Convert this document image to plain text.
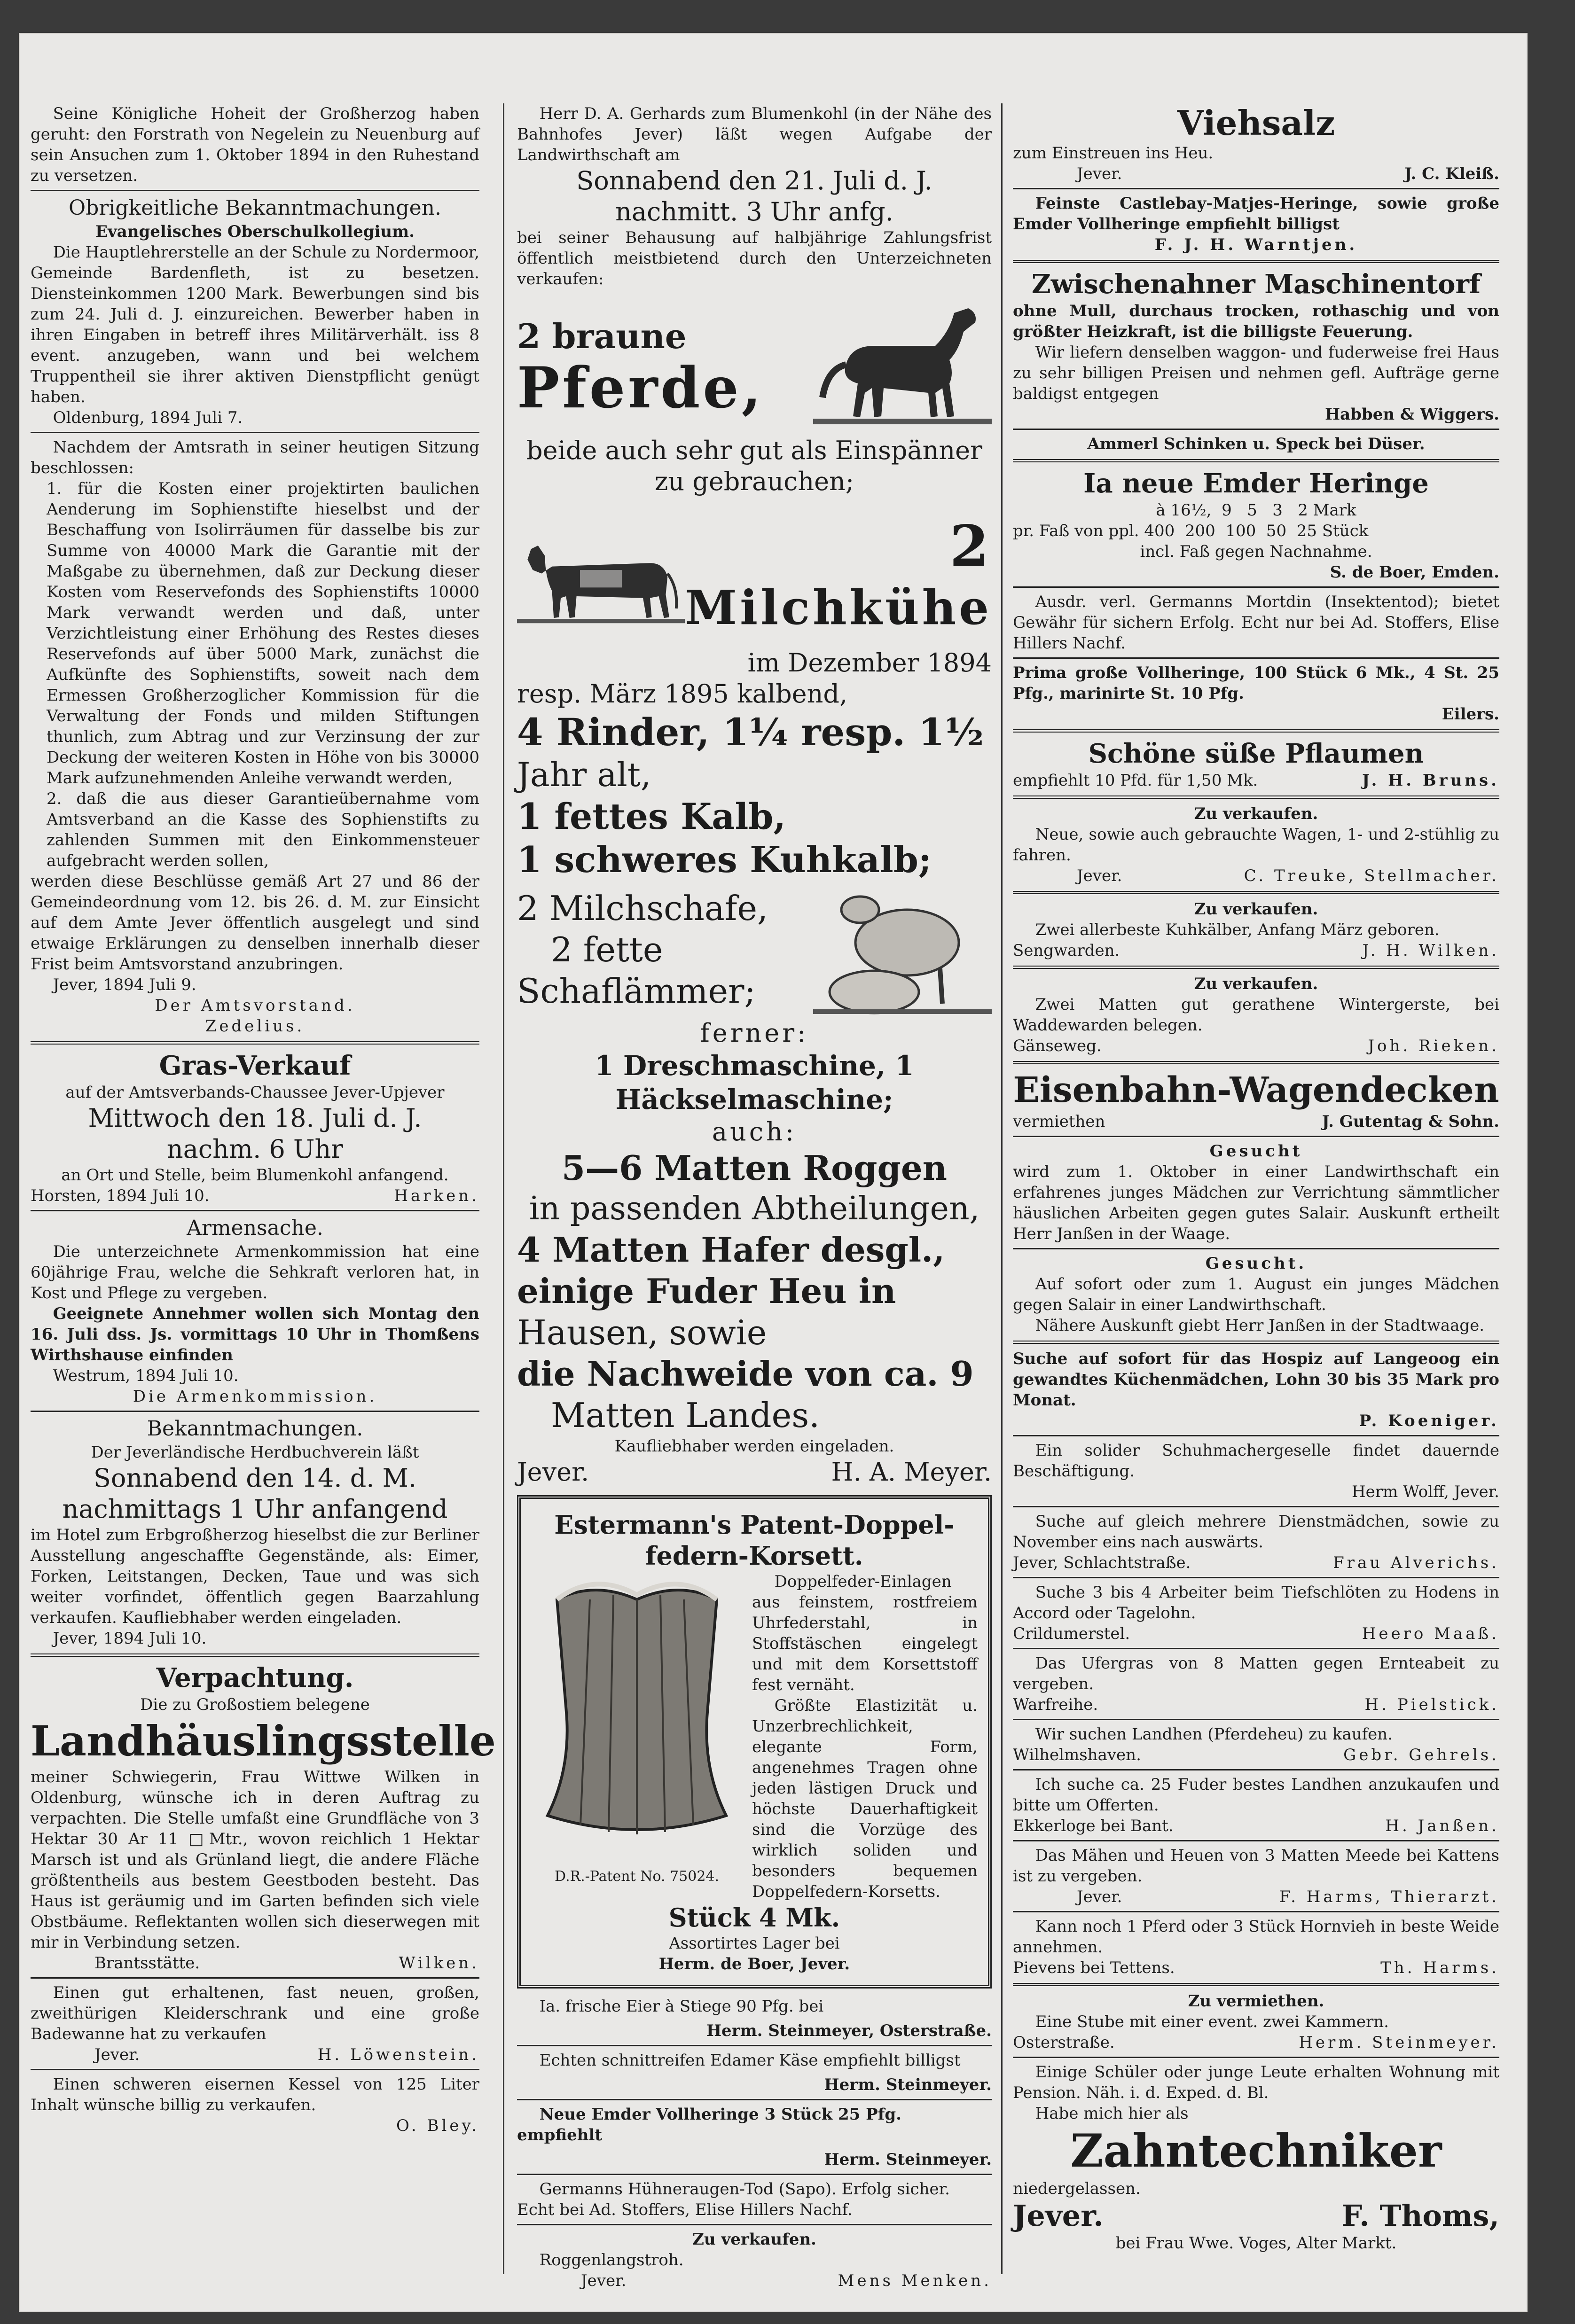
Seine Königliche Hoheit der Großherzog haben geruht: den Forstrath von Negelein zu Neuenburg auf sein Ansuchen zum 1. Oktober 1894 in den Ruhestand zu versetzen.
Obrigkeitliche Bekanntmachungen.
Evangelisches Oberschulkollegium.
Die Hauptlehrerstelle an der Schule zu Nordermoor, Gemeinde Bardenfleth, ist zu besetzen. Diensteinkommen 1200 Mark. Bewerbungen sind bis zum 24. Juli d. J. einzureichen. Bewerber haben in ihren Eingaben in betreff ihres Militärverhält. iss 8 event. anzugeben, wann und bei welchem Truppentheil sie ihrer aktiven Dienstpflicht genügt haben.
Oldenburg, 1894 Juli 7.
Nachdem der Amtsrath in seiner heutigen Sitzung beschlossen:
1. für die Kosten einer projektirten baulichen Aenderung im Sophienstifte hieselbst und der Beschaffung von Isolirräumen für dasselbe bis zur Summe von 40000 Mark die Garantie mit der Maßgabe zu übernehmen, daß zur Deckung dieser Kosten vom Reservefonds des Sophienstifts 10000 Mark verwandt werden und daß, unter Verzichtleistung einer Erhöhung des Restes dieses Reservefonds auf über 5000 Mark, zunächst die Aufkünfte des Sophienstifts, soweit nach dem Ermessen Großherzoglicher Kommission für die Verwaltung der Fonds und milden Stiftungen thunlich, zum Abtrag und zur Verzinsung der zur Deckung der weiteren Kosten in Höhe von bis 30000 Mark aufzunehmenden Anleihe verwandt werden,
2. daß die aus dieser Garantieübernahme vom Amtsverband an die Kasse des Sophienstifts zu zahlenden Summen mit den Einkommensteuer aufgebracht werden sollen,
werden diese Beschlüsse gemäß Art 27 und 86 der Gemeindeordnung vom 12. bis 26. d. M. zur Einsicht auf dem Amte Jever öffentlich ausgelegt und sind etwaige Erklärungen zu denselben innerhalb dieser Frist beim Amtsvorstand anzubringen.
Jever, 1894 Juli 9.
Der Amtsvorstand.
Zedelius.
Gras-Verkauf
auf der Amtsverbands-Chaussee Jever-Upjever
Mittwoch den 18. Juli d. J.
nachm. 6 Uhr
an Ort und Stelle, beim Blumenkohl anfangend.
Horsten, 1894 Juli 10.	Harken.
Armensache.
Die unterzeichnete Armenkommission hat eine 60jährige Frau, welche die Sehkraft verloren hat, in Kost und Pflege zu vergeben.
Geeignete Annehmer wollen sich Montag den 16. Juli dss. Js. vormittags 10 Uhr in Thomßens Wirthshause einfinden
Westrum, 1894 Juli 10.
Die Armenkommission.
Bekanntmachungen.
Der Jeverländische Herdbuchverein läßt
Sonnabend den 14. d. M.
nachmittags 1 Uhr anfangend
im Hotel zum Erbgroßherzog hieselbst die zur Berliner Ausstellung angeschaffte Gegenstände, als: Eimer, Forken, Leitstangen, Decken, Taue und was sich weiter vorfindet, öffentlich gegen Baarzahlung verkaufen. Kaufliebhaber werden eingeladen.
Jever, 1894 Juli 10.
Verpachtung.
Die zu Großostiem belegene
Landhäuslingsstelle
meiner Schwiegerin, Frau Wittwe Wilken in Oldenburg, wünsche ich in deren Auftrag zu verpachten. Die Stelle umfaßt eine Grundfläche von 3 Hektar 30 Ar 11 □Mtr., wovon reichlich 1 Hektar Marsch ist und als Grünland liegt, die andere Fläche größtentheils aus bestem Geestboden besteht. Das Haus ist geräumig und im Garten befinden sich viele Obstbäume. Reflektanten wollen sich dieserwegen mit mir in Verbindung setzen.
Brantsstätte.	Wilken.
Einen gut erhaltenen, fast neuen, großen, zweithürigen Kleiderschrank und eine große Badewanne hat zu verkaufen
Jever.	H. Löwenstein.
Einen schweren eisernen Kessel von 125 Liter Inhalt wünsche billig zu verkaufen.
O. Bley.
Herr D. A. Gerhards zum Blumenkohl (in der Nähe des Bahnhofes Jever) läßt wegen Aufgabe der Landwirthschaft am
Sonnabend den 21. Juli d. J.
nachmitt. 3 Uhr anfg.
bei seiner Behausung auf halbjährige Zahlungsfrist öffentlich meistbietend durch den Unterzeichneten verkaufen:
2 braune
Pferde,
beide auch sehr gut als Einspänner zu gebrauchen;
2
Milchkühe
im Dezember 1894
resp. März 1895 kalbend,
4 Rinder, 1¼ resp. 1½
Jahr alt,
1 fettes Kalb,
1 schweres Kuhkalb;
2 Milchschafe,
2 fette
Schaflämmer;
ferner:
1 Dreschmaschine, 1 Häckselmaschine;
auch:
5—6 Matten Roggen
in passenden Abtheilungen,
4 Matten Hafer desgl.,
einige Fuder Heu in
Hausen, sowie
die Nachweide von ca. 9
Matten Landes.
Kaufliebhaber werden eingeladen.
Jever.	H. A. Meyer.
Estermann's Patent-Doppel-
federn-Korsett.
D.R.-Patent No. 75024.
Doppelfeder-Einlagen aus feinstem, rostfreiem Uhrfederstahl, in Stoffstäschen eingelegt und mit dem Korsettstoff fest vernäht.
Größte Elastizität u. Unzerbrechlichkeit, elegante Form, angenehmes Tragen ohne jeden lästigen Druck und höchste Dauerhaftigkeit sind die Vorzüge des wirklich soliden und besonders bequemen Doppelfedern-Korsetts.
Stück 4 Mk.
Assortirtes Lager bei
Herm. de Boer, Jever.
Ia. frische Eier à Stiege 90 Pfg. bei
Herm. Steinmeyer, Osterstraße.
Echten schnittreifen Edamer Käse empfiehlt billigst
Herm. Steinmeyer.
Neue Emder Vollheringe 3 Stück 25 Pfg. empfiehlt
Herm. Steinmeyer.
Germanns Hühneraugen-Tod (Sapo). Erfolg sicher. Echt bei Ad. Stoffers, Elise Hillers Nachf.
Zu verkaufen.
Roggenlangstroh.
Jever.	Mens Menken.
Viehsalz
zum Einstreuen ins Heu.
Jever.	J. C. Kleiß.
Feinste Castlebay-Matjes-Heringe, sowie große Emder Vollheringe empfiehlt billigst
F. J. H. Warntjen.
Zwischenahner Maschinentorf
ohne Mull, durchaus trocken, rothaschig und von größter Heizkraft, ist die billigste Feuerung.
Wir liefern denselben waggon- und fuderweise frei Haus zu sehr billigen Preisen und nehmen gefl. Aufträge gerne baldigst entgegen
Habben & Wiggers.
Ammerl Schinken u. Speck bei Düser.
Ia neue Emder Heringe
à 16½,  9   5   3   2 Mark
pr. Faß von ppl. 400  200  100  50  25 Stück
incl. Faß gegen Nachnahme.
S. de Boer, Emden.
Ausdr. verl. Germanns Mortdin (Insektentod); bietet Gewähr für sichern Erfolg. Echt nur bei Ad. Stoffers, Elise Hillers Nachf.
Prima große Vollheringe, 100 Stück 6 Mk., 4 St. 25 Pfg., marinirte St. 10 Pfg.
Eilers.
Schöne süße Pflaumen
empfiehlt 10 Pfd. für 1,50 Mk.	J. H. Bruns.
Zu verkaufen.
Neue, sowie auch gebrauchte Wagen, 1- und 2-stühlig zu fahren.
Jever.	C. Treuke, Stellmacher.
Zu verkaufen.
Zwei allerbeste Kuhkälber, Anfang März geboren.
Sengwarden.	J. H. Wilken.
Zu verkaufen.
Zwei Matten gut gerathene Wintergerste, bei Waddewarden belegen.
Gänseweg.	Joh. Rieken.
Eisenbahn-Wagendecken
vermiethen	J. Gutentag & Sohn.
Gesucht
wird zum 1. Oktober in einer Landwirthschaft ein erfahrenes junges Mädchen zur Verrichtung sämmtlicher häuslichen Arbeiten gegen gutes Salair. Auskunft ertheilt Herr Janßen in der Waage.
Gesucht.
Auf sofort oder zum 1. August ein junges Mädchen gegen Salair in einer Landwirthschaft.
Nähere Auskunft giebt Herr Janßen in der Stadtwaage.
Suche auf sofort für das Hospiz auf Langeoog ein gewandtes Küchenmädchen, Lohn 30 bis 35 Mark pro Monat.
P. Koeniger.
Ein solider Schuhmachergeselle findet dauernde Beschäftigung.
Herm Wolff, Jever.
Suche auf gleich mehrere Dienstmädchen, sowie zu November eins nach auswärts.
Jever, Schlachtstraße.	Frau Alverichs.
Suche 3 bis 4 Arbeiter beim Tiefschlöten zu Hodens in Accord oder Tagelohn.
Crildumerstel.	Heero Maaß.
Das Ufergras von 8 Matten gegen Ernteabeit zu vergeben.
Warfreihe.	H. Pielstick.
Wir suchen Landhen (Pferdeheu) zu kaufen.
Wilhelmshaven.	Gebr. Gehrels.
Ich suche ca. 25 Fuder bestes Landhen anzukaufen und bitte um Offerten.
Ekkerloge bei Bant.	H. Janßen.
Das Mähen und Heuen von 3 Matten Meede bei Kattens ist zu vergeben.
Jever.	F. Harms, Thierarzt.
Kann noch 1 Pferd oder 3 Stück Hornvieh in beste Weide annehmen.
Pievens bei Tettens.	Th. Harms.
Zu vermiethen.
Eine Stube mit einer event. zwei Kammern.
Osterstraße.	Herm. Steinmeyer.
Einige Schüler oder junge Leute erhalten Wohnung mit Pension. Näh. i. d. Exped. d. Bl.
Habe mich hier als
Zahntechniker
niedergelassen.
Jever.	F. Thoms,
bei Frau Wwe. Voges, Alter Markt.
